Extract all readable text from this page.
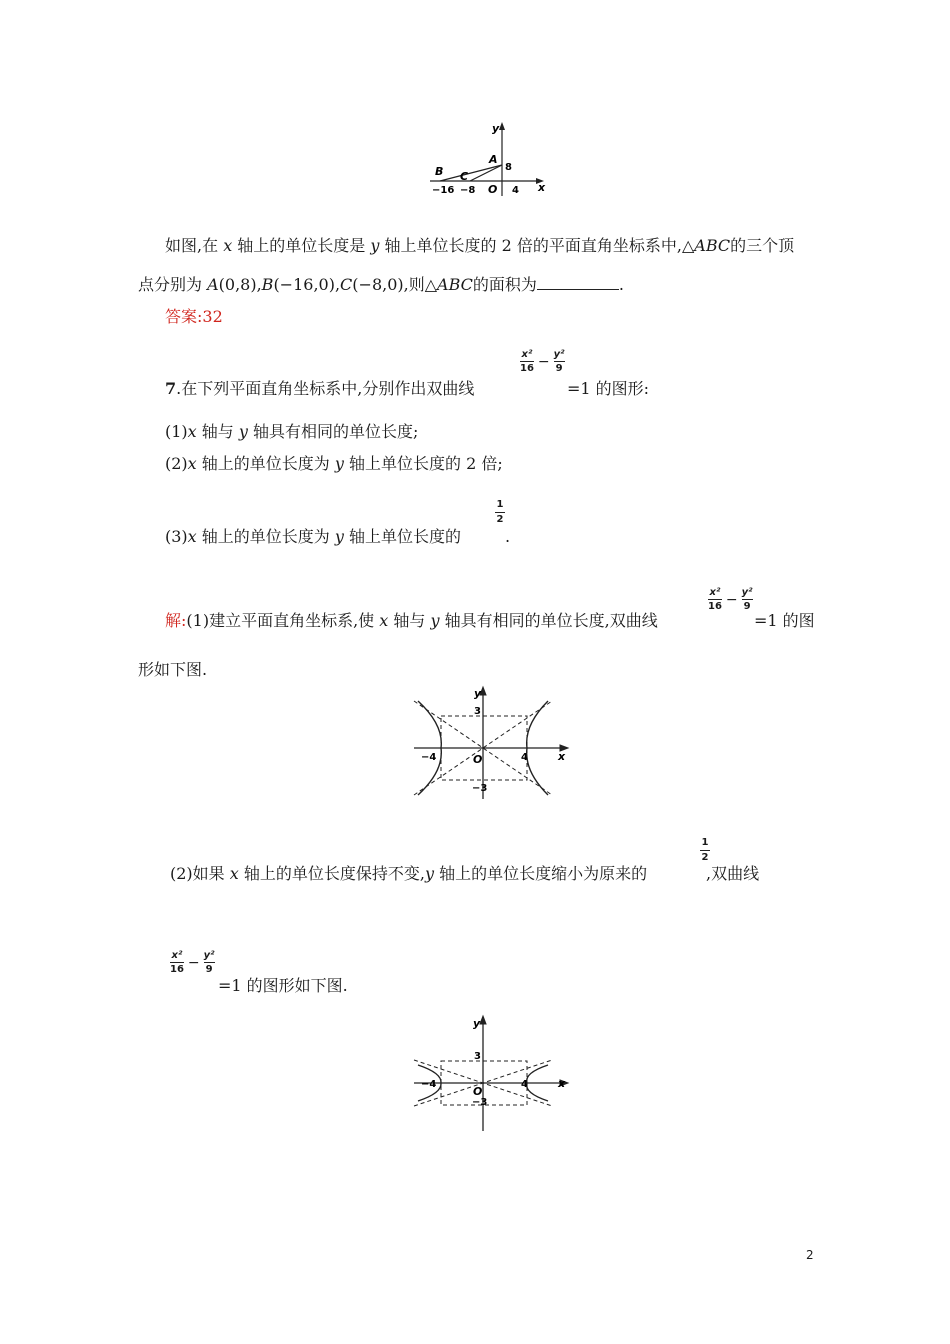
y
A
8
B C
−16 −8 O 4 x
如图,在 x 轴上的单位长度是 y 轴上单位长度的 2 倍的平面直角坐标系中,△ABC的三个顶
点分别为 A(0,8),B(−16,0),C(−8,0),则△ABC的面积为	.
答案:32
x²
16 − y²
9
7.在下列平面直角坐标系中,分别作出双曲线	=1 的图形:
(1)x 轴与 y 轴具有相同的单位长度;
(2)x 轴上的单位长度为 y 轴上单位长度的 2 倍;
1
2
(3)x 轴上的单位长度为 y 轴上单位长度的	.
x²
16 − y²
9
解:(1)建立平面直角坐标系,使 x 轴与 y 轴具有相同的单位长度,双曲线	=1 的图
形如下图.
y
3
−4	4
O
−3
x
1
2
(2)如果 x 轴上的单位长度保持不变,y 轴上的单位长度缩小为原来的	,双曲线
x²
16 − y²
9
=1 的图形如下图.
y
3
−4	4
O
−3
x
2
